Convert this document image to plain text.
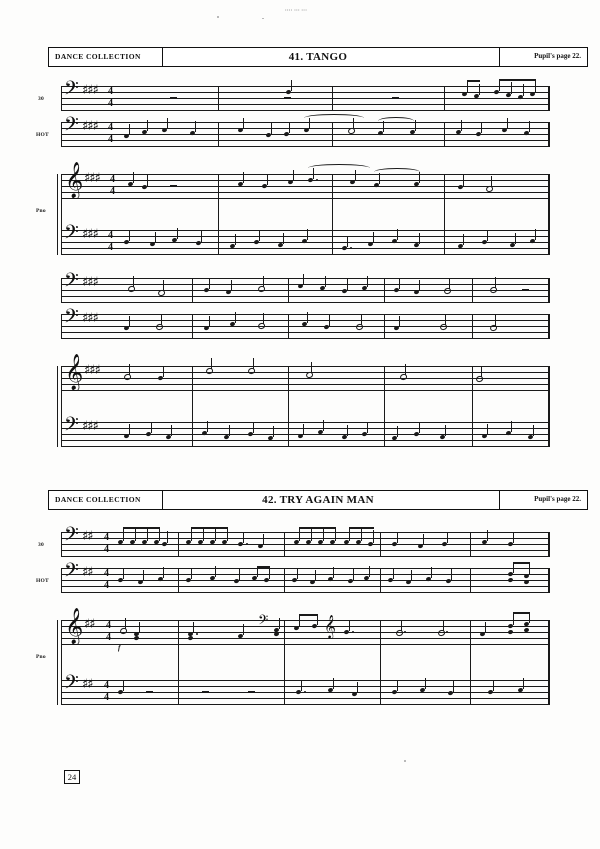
•••• ••• •••
DANCE COLLECTION	41. TANGO	Pupil's page 22.
30
HOT
Pno
𝄢
𝄢
𝄞
𝄢
♯♯♯
♯♯♯
♯♯♯
♯♯♯
4
4
4
4
4
4
4
4
𝄢
𝄢
𝄞
𝄢
♯♯♯
♯♯♯
♯♯♯
♯♯♯
DANCE COLLECTION	42. TRY AGAIN MAN	Pupil's page 22.
30
HOT
Pno
𝄢
𝄢
𝄞
𝄢
♯♯
♯♯
♯♯
♯♯
4
4
4
4
4
4
4
4
f
𝄢	𝄞
24
